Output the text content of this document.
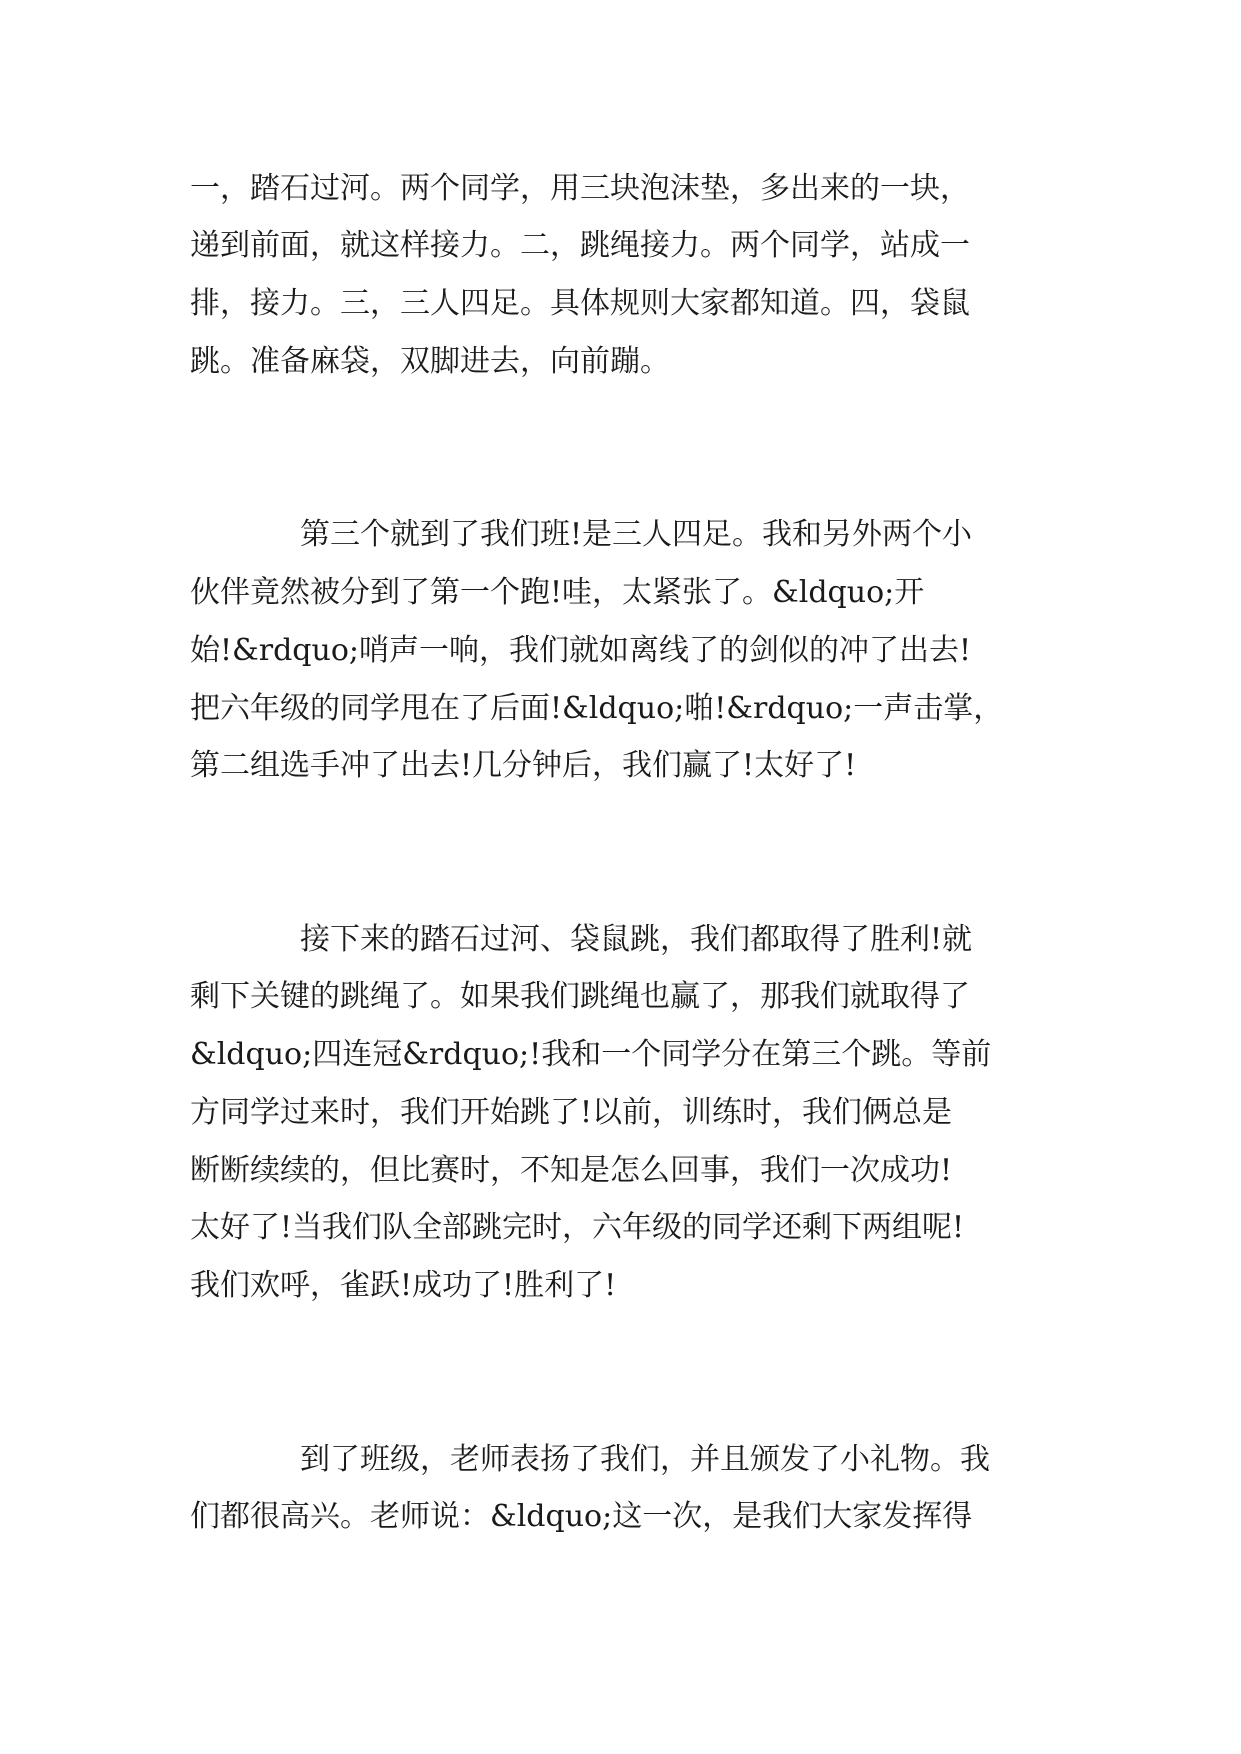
一，踏石过河。两个同学，用三块泡沫垫，多出来的一块，

递到前面，就这样接力。二，跳绳接力。两个同学，站成一

排，接力。三，三人四足。具体规则大家都知道。四，袋鼠

跳。准备麻袋，双脚进去，向前蹦。

第三个就到了我们班!是三人四足。我和另外两个小

伙伴竟然被分到了第一个跑!哇，太紧张了。&ldquo;开

始!&rdquo;哨声一响，我们就如离线了的剑似的冲了出去!

把六年级的同学甩在了后面!&ldquo;啪!&rdquo;一声击掌，

第二组选手冲了出去!几分钟后，我们赢了!太好了!

接下来的踏石过河、袋鼠跳，我们都取得了胜利!就

剩下关键的跳绳了。如果我们跳绳也赢了，那我们就取得了

&ldquo;四连冠&rdquo;!我和一个同学分在第三个跳。等前

方同学过来时，我们开始跳了!以前，训练时，我们俩总是

断断续续的，但比赛时，不知是怎么回事，我们一次成功!

太好了!当我们队全部跳完时，六年级的同学还剩下两组呢!

我们欢呼，雀跃!成功了!胜利了!

到了班级，老师表扬了我们，并且颁发了小礼物。我

们都很高兴。老师说：&ldquo;这一次，是我们大家发挥得
